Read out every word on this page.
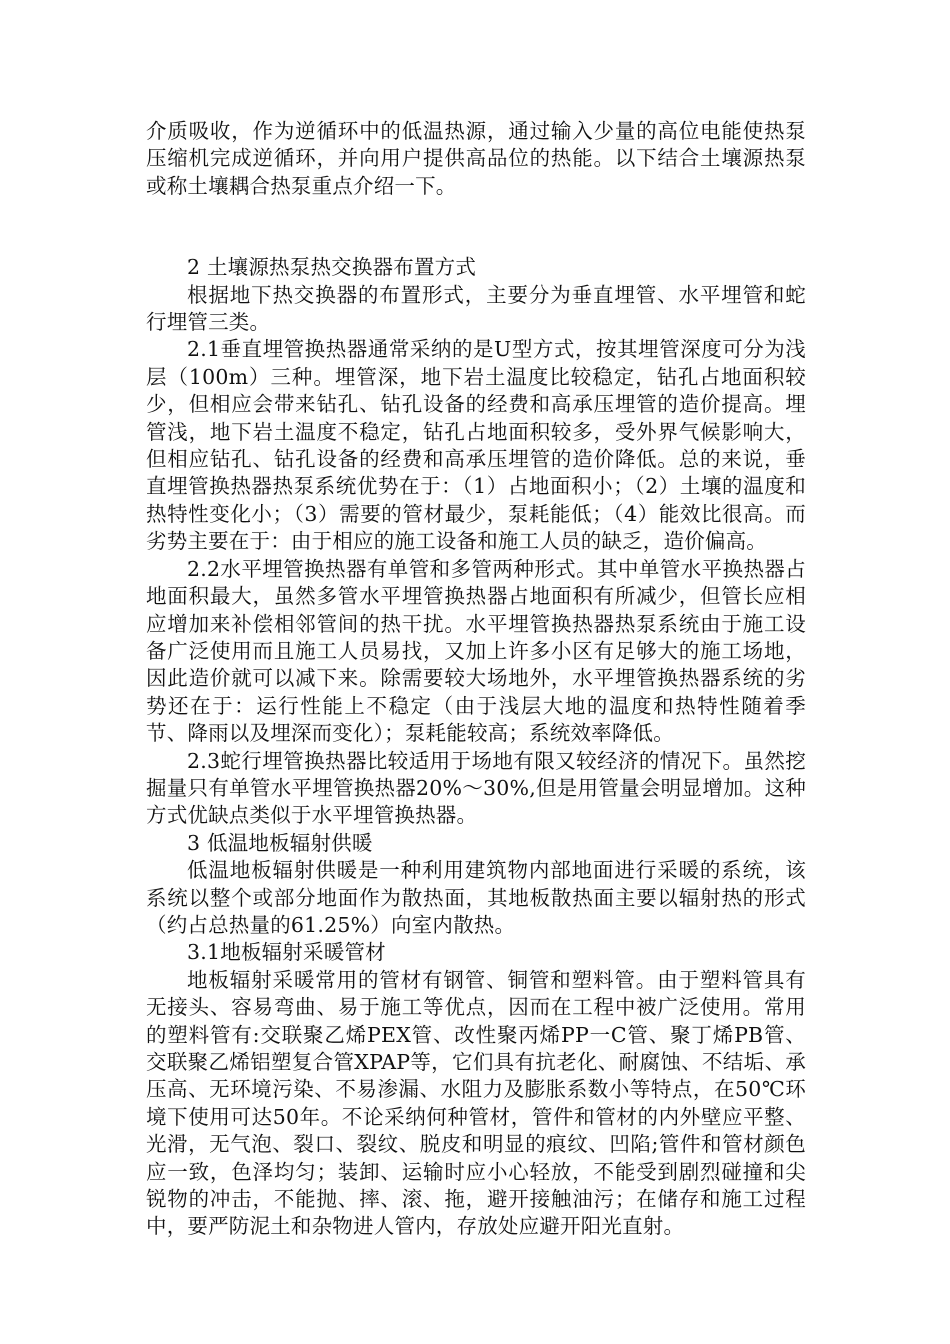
介质吸收，作为逆循环中的低温热源，通过输入少量的高位电能使热泵压缩机完成逆循环，并向用户提供高品位的热能。以下结合土壤源热泵或称土壤耦合热泵重点介绍一下。

2 土壤源热泵热交换器布置方式

根据地下热交换器的布置形式，主要分为垂直埋管、水平埋管和蛇行埋管三类。

2.1垂直埋管换热器通常采纳的是U型方式，按其埋管深度可分为浅层（100m）三种。埋管深，地下岩土温度比较稳定，钻孔占地面积较少，但相应会带来钻孔、钻孔设备的经费和高承压埋管的造价提高。埋管浅，地下岩土温度不稳定，钻孔占地面积较多，受外界气候影响大，但相应钻孔、钻孔设备的经费和高承压埋管的造价降低。总的来说，垂直埋管换热器热泵系统优势在于：（1）占地面积小；（2）土壤的温度和热特性变化小；（3）需要的管材最少，泵耗能低；（4）能效比很高。而劣势主要在于：由于相应的施工设备和施工人员的缺乏，造价偏高。

2.2水平埋管换热器有单管和多管两种形式。其中单管水平换热器占地面积最大，虽然多管水平埋管换热器占地面积有所减少，但管长应相应增加来补偿相邻管间的热干扰。水平埋管换热器热泵系统由于施工设备广泛使用而且施工人员易找，又加上许多小区有足够大的施工场地，因此造价就可以减下来。除需要较大场地外，水平埋管换热器系统的劣势还在于：运行性能上不稳定（由于浅层大地的温度和热特性随着季节、降雨以及埋深而变化）；泵耗能较高；系统效率降低。

2.3蛇行埋管换热器比较适用于场地有限又较经济的情况下。虽然挖掘量只有单管水平埋管换热器20%～30%,但是用管量会明显增加。这种方式优缺点类似于水平埋管换热器。

3 低温地板辐射供暖

低温地板辐射供暖是一种利用建筑物内部地面进行采暖的系统，该系统以整个或部分地面作为散热面，其地板散热面主要以辐射热的形式（约占总热量的61.25%）向室内散热。

3.1地板辐射采暖管材

地板辐射采暖常用的管材有钢管、铜管和塑料管。由于塑料管具有无接头、容易弯曲、易于施工等优点，因而在工程中被广泛使用。常用的塑料管有:交联聚乙烯PEX管、改性聚丙烯PP一C管、聚丁烯PB管、交联聚乙烯铝塑复合管XPAP等，它们具有抗老化、耐腐蚀、不结垢、承压高、无环境污染、不易渗漏、水阻力及膨胀系数小等特点，在50℃环境下使用可达50年。不论采纳何种管材，管件和管材的内外壁应平整、光滑，无气泡、裂口、裂纹、脱皮和明显的痕纹、凹陷;管件和管材颜色应一致，色泽均匀；装卸、运输时应小心轻放，不能受到剧烈碰撞和尖锐物的冲击，不能抛、摔、滚、拖，避开接触油污；在储存和施工过程中，要严防泥土和杂物进人管内，存放处应避开阳光直射。
